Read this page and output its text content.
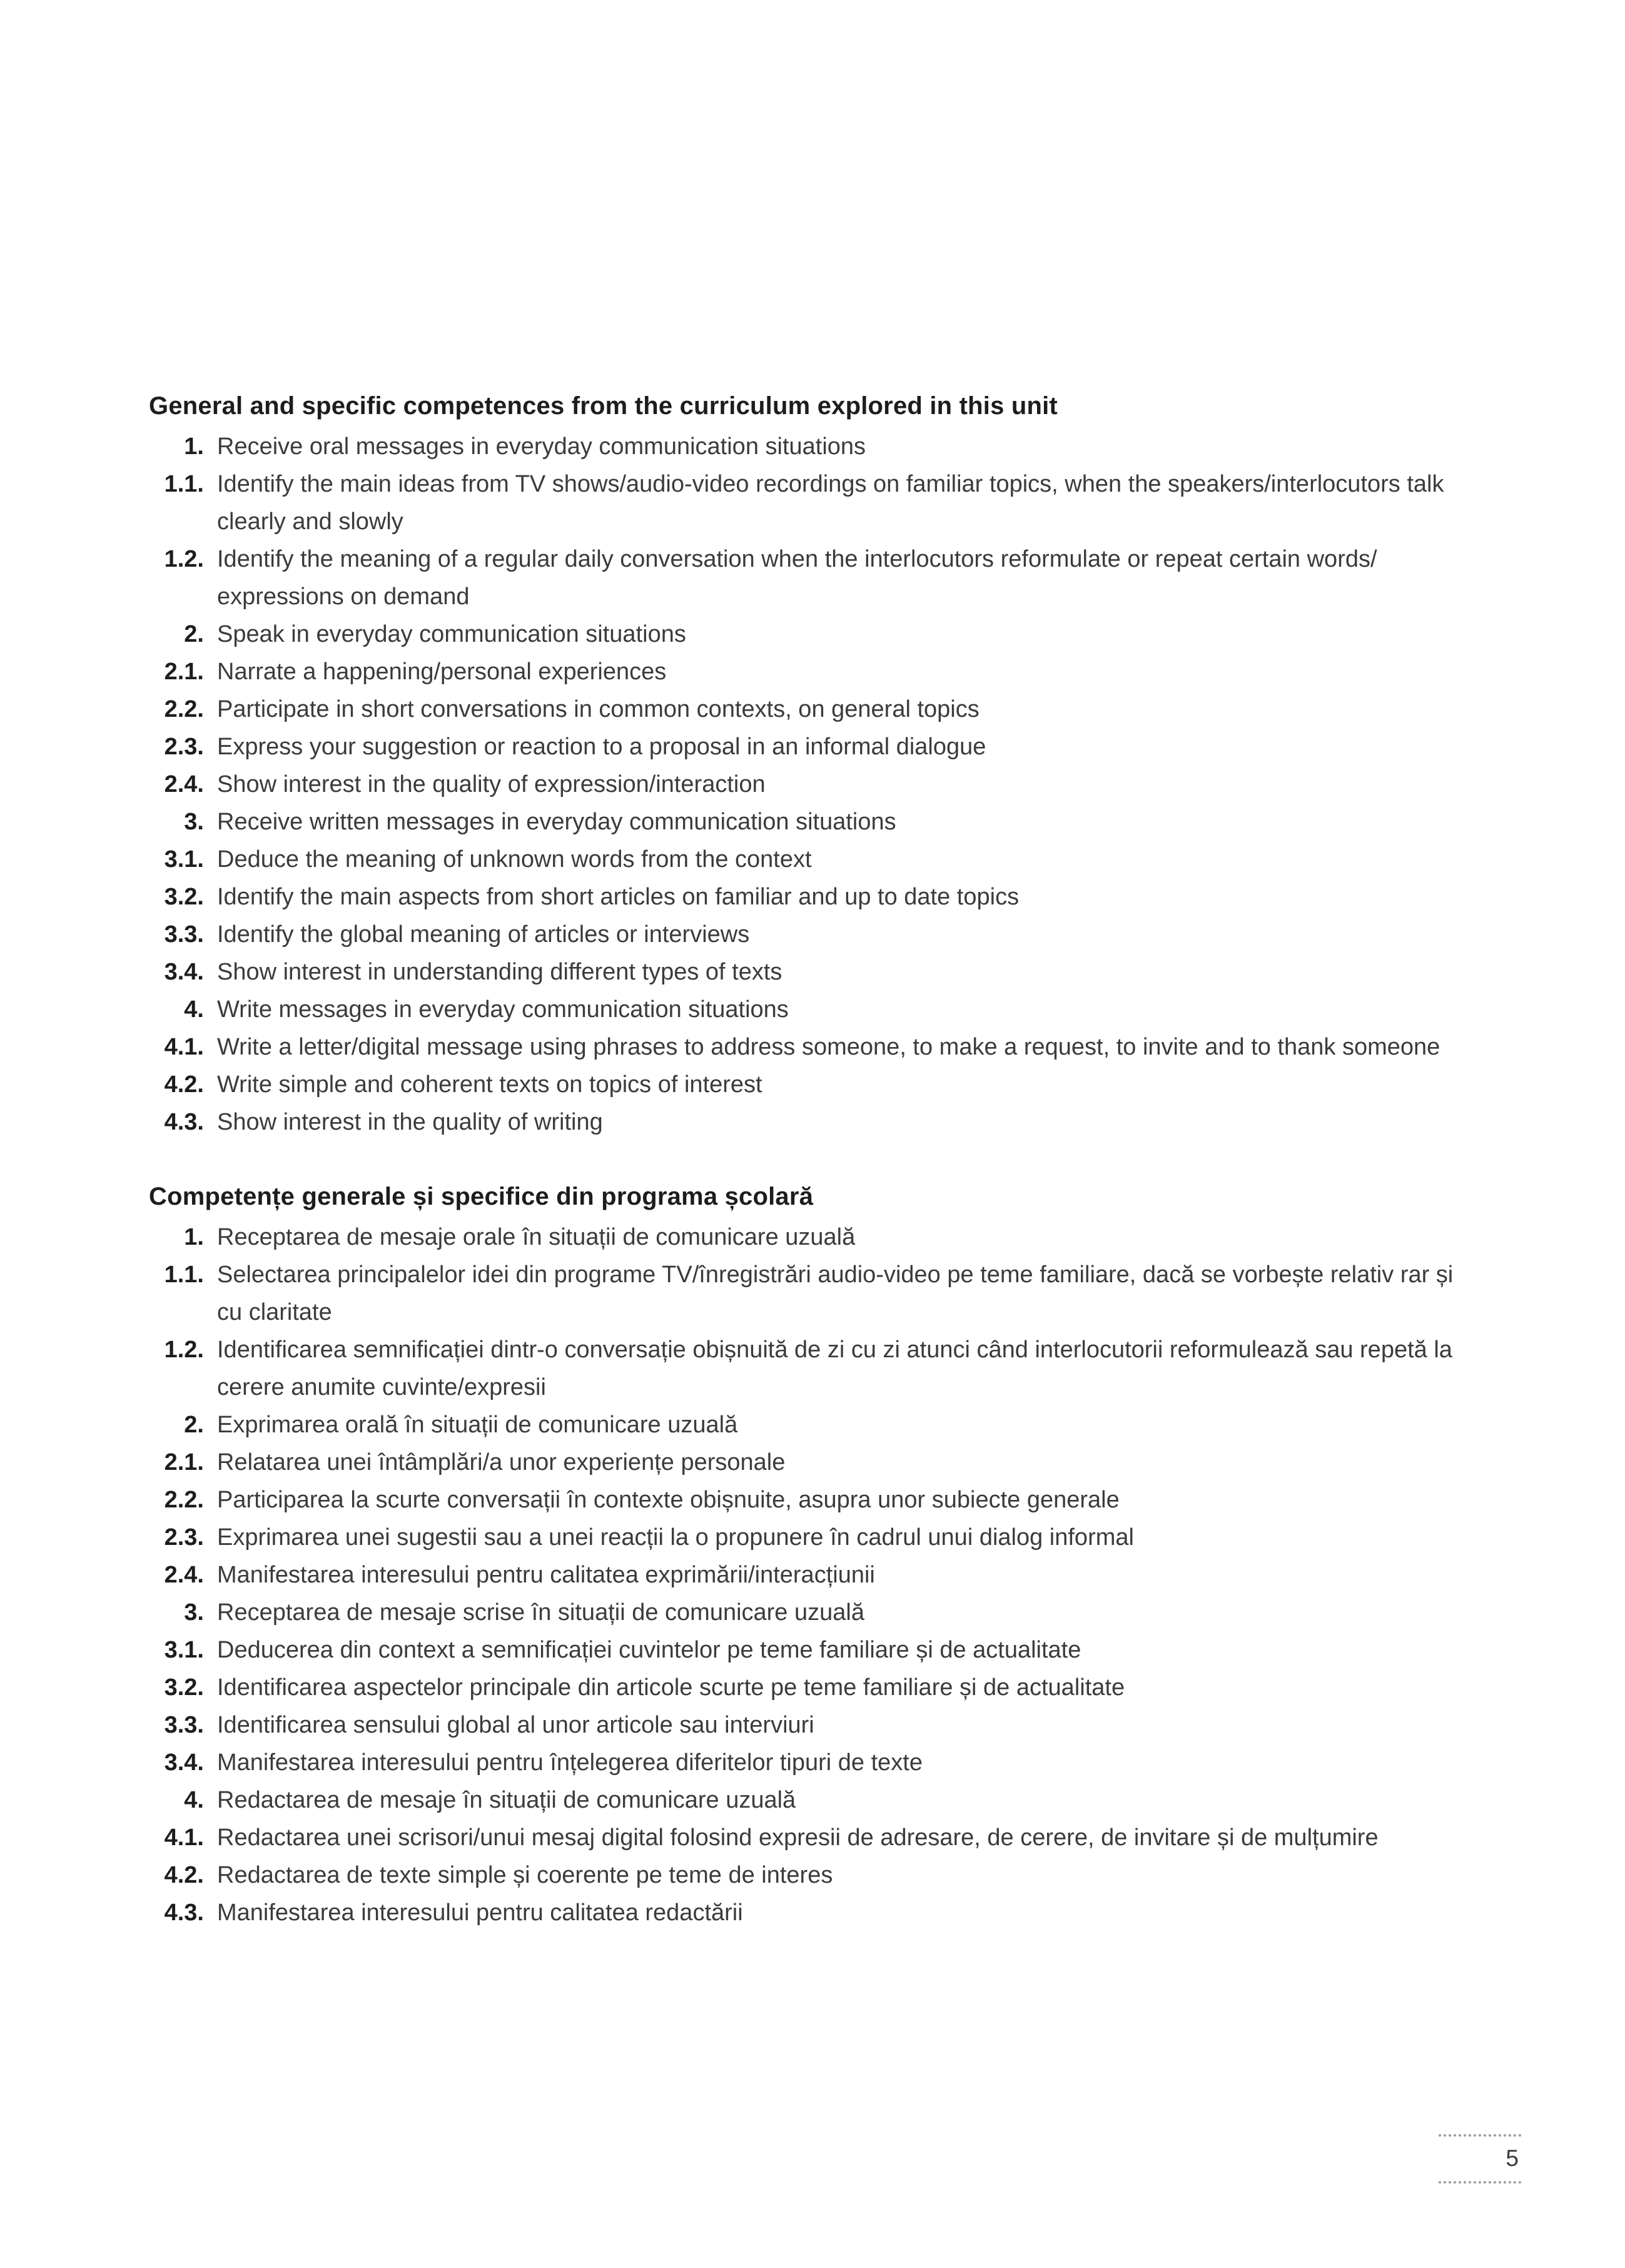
General and specific competences from the curriculum explored in this unit
1. Receive oral messages in everyday communication situations
1.1. Identify the main ideas from TV shows/​audio-video recordings on familiar topics, when the speakers/​interlocutors talk clearly and slowly
1.2. Identify the meaning of a regular daily conversation when the interlocutors reformulate or repeat certain words/​expressions on demand
2. Speak in everyday communication situations
2.1. Narrate a happening/​personal experiences
2.2. Participate in short conversations in common contexts, on general topics
2.3. Express your suggestion or reaction to a proposal in an informal dialogue
2.4. Show interest in the quality of expression/​interaction
3. Receive written messages in everyday communication situations
3.1. Deduce the meaning of unknown words from the context
3.2. Identify the main aspects from short articles on familiar and up to date topics
3.3. Identify the global meaning of articles or interviews
3.4. Show interest in understanding different types of texts
4. Write messages in everyday communication situations
4.1. Write a letter/​digital message using phrases to address someone, to make a request, to invite and to thank someone
4.2. Write simple and coherent texts on topics of interest
4.3. Show interest in the quality of writing
Competențe generale și specifice din programa școlară
1. Receptarea de mesaje orale în situații de comunicare uzuală
1.1. Selectarea principalelor idei din programe TV/​înregistrări audio-video pe teme familiare, dacă se vorbește relativ rar și cu claritate
1.2. Identificarea semnificației dintr-o conversație obișnuită de zi cu zi atunci când interlocutorii reformulează sau repetă la cerere anumite cuvinte/​expresii
2. Exprimarea orală în situații de comunicare uzuală
2.1. Relatarea unei întâmplări/​a unor experiențe personale
2.2. Participarea la scurte conversații în contexte obișnuite, asupra unor subiecte generale
2.3. Exprimarea unei sugestii sau a unei reacții la o propunere în cadrul unui dialog informal
2.4. Manifestarea interesului pentru calitatea exprimării/​interacțiunii
3. Receptarea de mesaje scrise în situații de comunicare uzuală
3.1. Deducerea din context a semnificației cuvintelor pe teme familiare și de actualitate
3.2. Identificarea aspectelor principale din articole scurte pe teme familiare și de actualitate
3.3. Identificarea sensului global al unor articole sau interviuri
3.4. Manifestarea interesului pentru înțelegerea diferitelor tipuri de texte
4. Redactarea de mesaje în situații de comunicare uzuală
4.1. Redactarea unei scrisori/​unui mesaj digital folosind expresii de adresare, de cerere, de invitare și de mulțumire
4.2. Redactarea de texte simple și coerente pe teme de interes
4.3. Manifestarea interesului pentru calitatea redactării
5
